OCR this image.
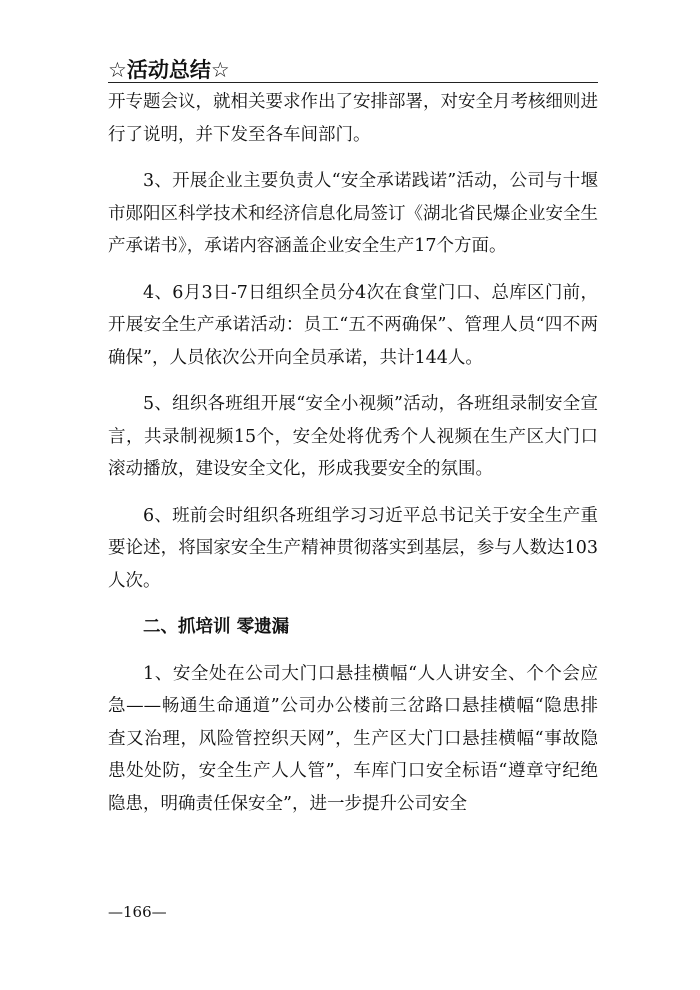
☆活动总结☆

开专题会议，就相关要求作出了安排部署，对安全月考核细则进行了说明，并下发至各车间部门。

3、开展企业主要负责人“安全承诺践诺”活动，公司与十堰市郧阳区科学技术和经济信息化局签订《湖北省民爆企业安全生产承诺书》，承诺内容涵盖企业安全生产17个方面。

4、6月3日-7日组织全员分4次在食堂门口、总库区门前，开展安全生产承诺活动：员工“五不两确保”、管理人员“四不两确保”，人员依次公开向全员承诺，共计144人。

5、组织各班组开展“安全小视频”活动，各班组录制安全宣言，共录制视频15个，安全处将优秀个人视频在生产区大门口滚动播放，建设安全文化，形成我要安全的氛围。

6、班前会时组织各班组学习习近平总书记关于安全生产重要论述，将国家安全生产精神贯彻落实到基层，参与人数达103人次。

二、抓培训 零遗漏

1、安全处在公司大门口悬挂横幅“人人讲安全、个个会应急——畅通生命通道”公司办公楼前三岔路口悬挂横幅“隐患排查又治理，风险管控织天网”，生产区大门口悬挂横幅“事故隐患处处防，安全生产人人管”，车库门口安全标语“遵章守纪绝隐患，明确责任保安全”，进一步提升公司安全

—166—
